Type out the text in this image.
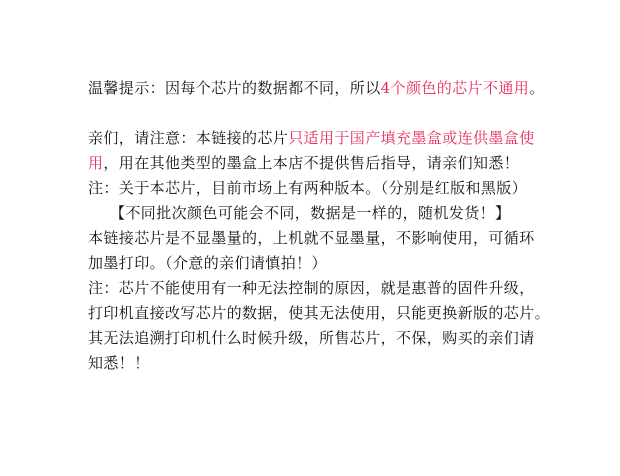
温馨提示：因每个芯片的数据都不同，所以4个颜色的芯片不通用。
亲们，请注意：本链接的芯片只适用于国产填充墨盒或连供墨盒使
用，用在其他类型的墨盒上本店不提供售后指导，请亲们知悉！
注：关于本芯片，目前市场上有两种版本。（分别是红版和黑版）
【不同批次颜色可能会不同，数据是一样的，随机发货！】
本链接芯片是不显墨量的，上机就不显墨量，不影响使用，可循环
加墨打印。（介意的亲们请慎拍！）
注：芯片不能使用有一种无法控制的原因，就是惠普的固件升级，
打印机直接改写芯片的数据，使其无法使用，只能更换新版的芯片。
其无法追溯打印机什么时候升级，所售芯片，不保，购买的亲们请
知悉！！
